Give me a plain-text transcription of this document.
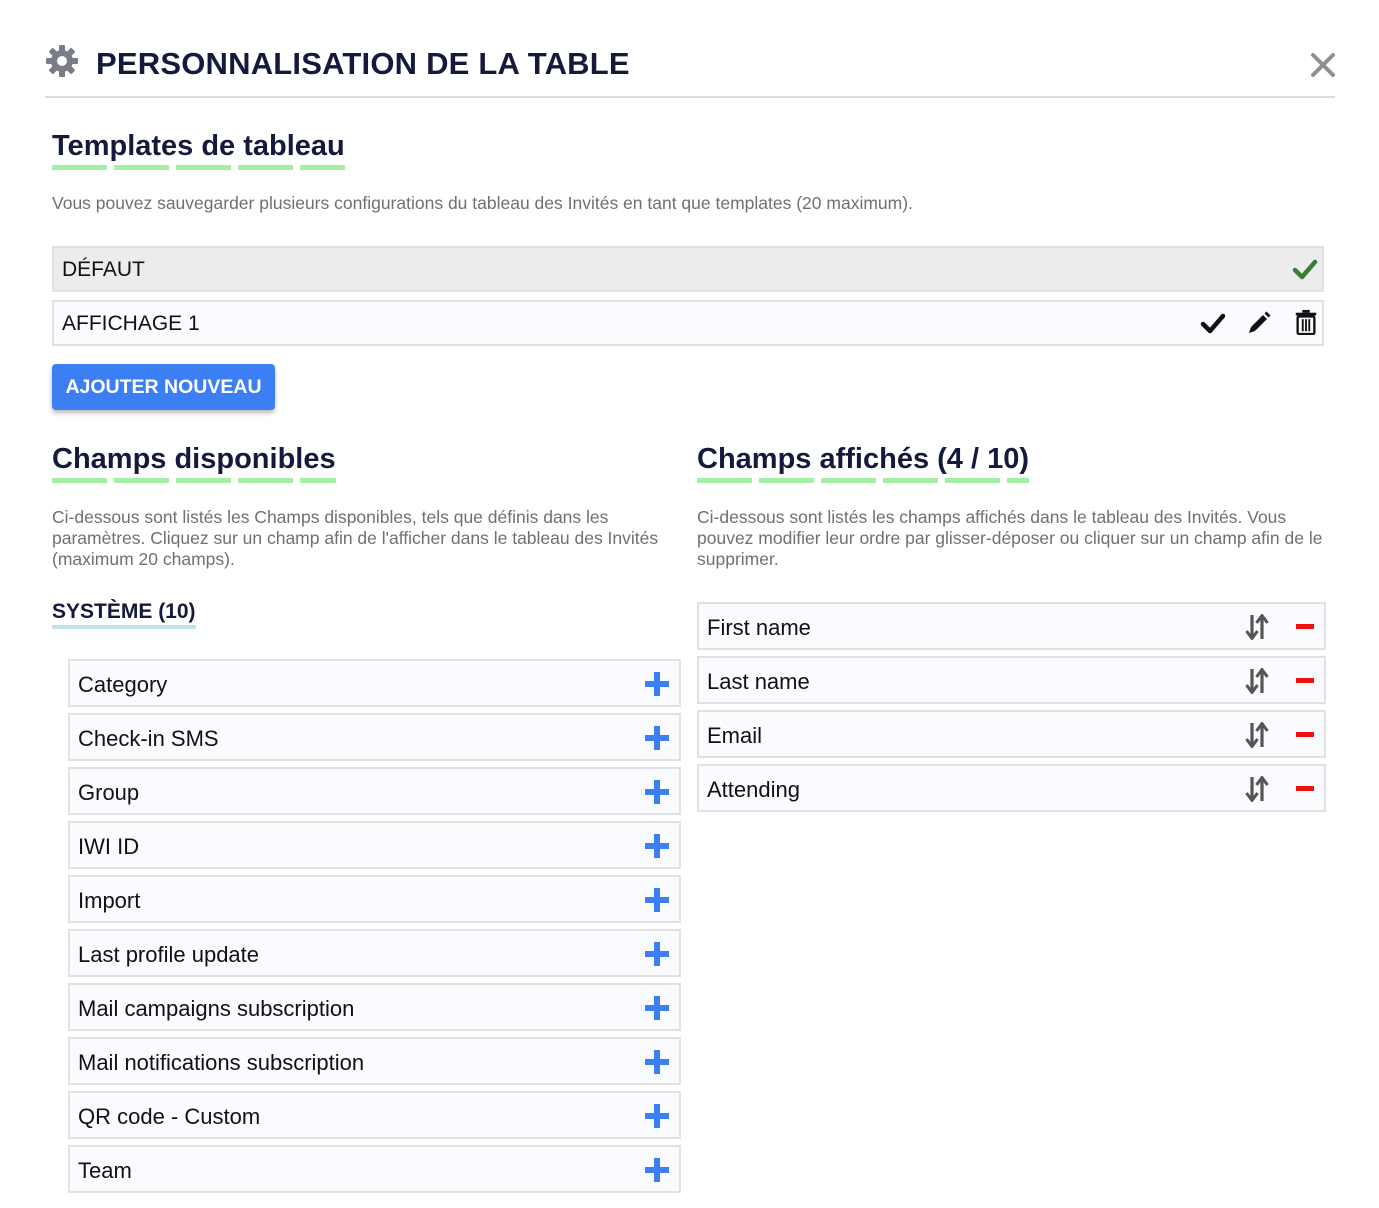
PERSONNALISATION DE LA TABLE
Templates de tableau
Vous pouvez sauvegarder plusieurs configurations du tableau des Invités en tant que templates (20 maximum).
DÉFAUT
AFFICHAGE 1
AJOUTER NOUVEAU
Champs disponibles
Ci-dessous sont listés les Champs disponibles, tels que définis dans les paramètres. Cliquez sur un champ afin de l'afficher dans le tableau des Invités (maximum 20 champs).
SYSTÈME (10)
Category
Check-in SMS
Group
IWI ID
Import
Last profile update
Mail campaigns subscription
Mail notifications subscription
QR code - Custom
Team
Champs affichés (4 / 10)
Ci-dessous sont listés les champs affichés dans le tableau des Invités. Vous pouvez modifier leur ordre par glisser-déposer ou cliquer sur un champ afin de le supprimer.
First name
Last name
Email
Attending
